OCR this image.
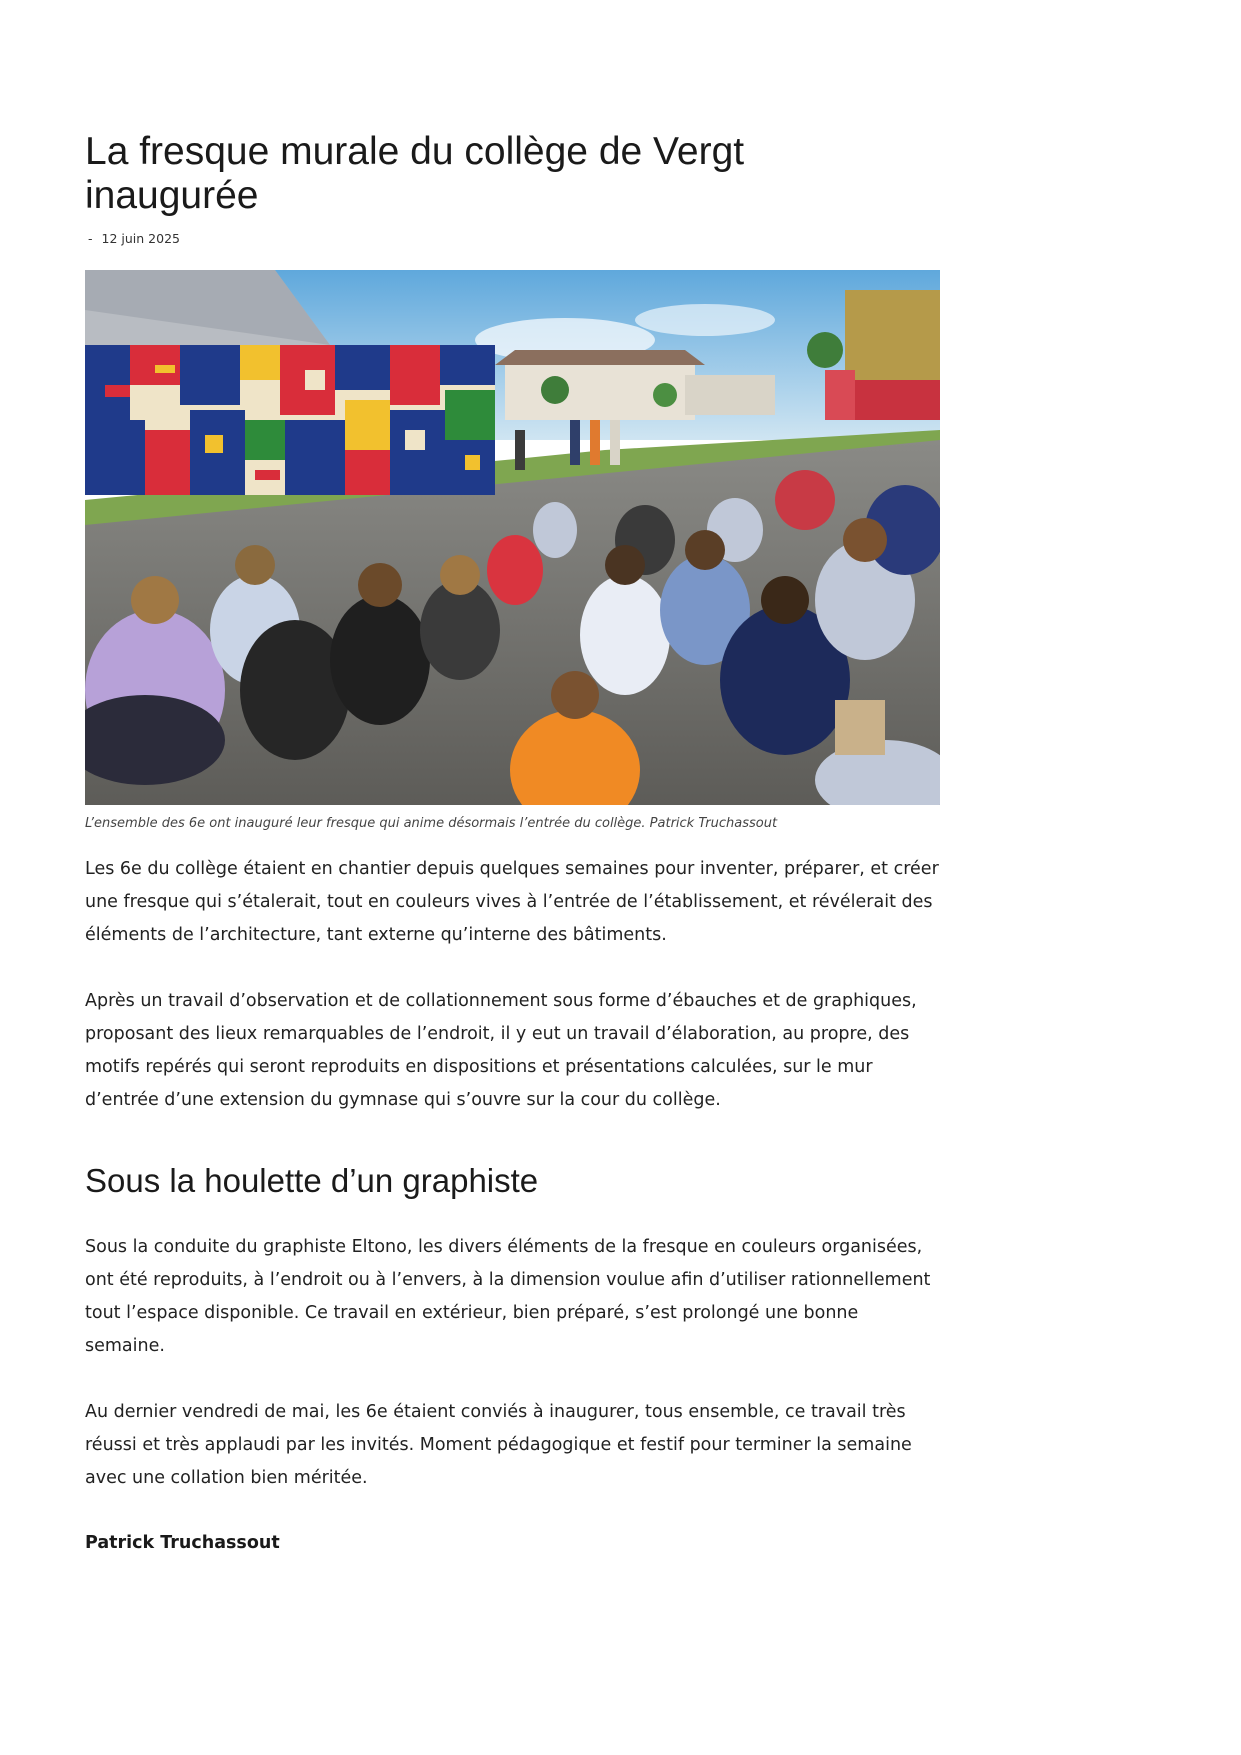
La fresque murale du collège de Vergt inaugurée
- 12 juin 2025
L’ensemble des 6e ont inauguré leur fresque qui anime désormais l’entrée du collège. Patrick Truchassout

Les 6e du collège étaient en chantier depuis quelques semaines pour inventer, préparer, et créer une fresque qui s’étalerait, tout en couleurs vives à l’entrée de l’établissement, et révélerait des éléments de l’architecture, tant externe qu’interne des bâtiments.

Après un travail d’observation et de collationnement sous forme d’ébauches et de graphiques, proposant des lieux remarquables de l’endroit, il y eut un travail d’élaboration, au propre, des motifs repérés qui seront reproduits en dispositions et présentations calculées, sur le mur d’entrée d’une extension du gymnase qui s’ouvre sur la cour du collège.

Sous la houlette d’un graphiste

Sous la conduite du graphiste Eltono, les divers éléments de la fresque en couleurs organisées, ont été reproduits, à l’endroit ou à l’envers, à la dimension voulue afin d’utiliser rationnellement tout l’espace disponible. Ce travail en extérieur, bien préparé, s’est prolongé une bonne semaine.

Au dernier vendredi de mai, les 6e étaient conviés à inaugurer, tous ensemble, ce travail très réussi et très applaudi par les invités. Moment pédagogique et festif pour terminer la semaine avec une collation bien méritée.

Patrick Truchassout
